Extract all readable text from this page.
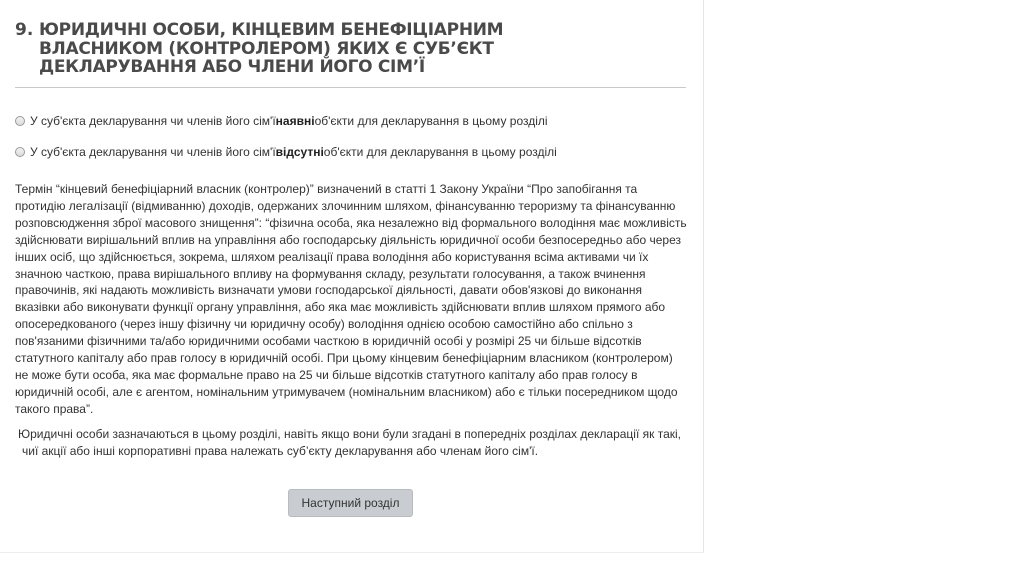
9. ЮРИДИЧНІ ОСОБИ, КІНЦЕВИМ БЕНЕФІЦІАРНИМ ВЛАСНИКОМ (КОНТРОЛЕРОМ) ЯКИХ Є СУБ’ЄКТ ДЕКЛАРУВАННЯ АБО ЧЛЕНИ ЙОГО СІМ’Ї
У суб'єкта декларування чи членів його сім'ї наявні об'єкти для декларування в цьому розділі
У суб'єкта декларування чи членів його сім'ї відсутні об'єкти для декларування в цьому розділі
Термін “кінцевий бенефіціарний власник (контролер)” визначений в статті 1 Закону України “Про запобігання та протидію легалізації (відмиванню) доходів, одержаних злочинним шляхом, фінансуванню тероризму та фінансуванню розповсюдження зброї масового знищення”: “фізична особа, яка незалежно від формального володіння має можливість здійснювати вирішальний вплив на управління або господарську діяльність юридичної особи безпосередньо або через інших осіб, що здійснюється, зокрема, шляхом реалізації права володіння або користування всіма активами чи їх значною часткою, права вирішального впливу на формування складу, результати голосування, а також вчинення правочинів, які надають можливість визначати умови господарської діяльності, давати обов'язкові до виконання вказівки або виконувати функції органу управління, або яка має можливість здійснювати вплив шляхом прямого або опосередкованого (через іншу фізичну чи юридичну особу) володіння однією особою самостійно або спільно з пов'язаними фізичними та/або юридичними особами часткою в юридичній особі у розмірі 25 чи більше відсотків статутного капіталу або прав голосу в юридичній особі. При цьому кінцевим бенефіціарним власником (контролером) не може бути особа, яка має формальне право на 25 чи більше відсотків статутного капіталу або прав голосу в юридичній особі, але є агентом, номінальним утримувачем (номінальним власником) або є тільки посередником щодо такого права”.
Юридичні особи зазначаються в цьому розділі, навіть якщо вони були згадані в попередніх розділах декларації як такі,
чиї акції або інші корпоративні права належать суб’єкту декларування або членам його сім'ї.
Наступний розділ
